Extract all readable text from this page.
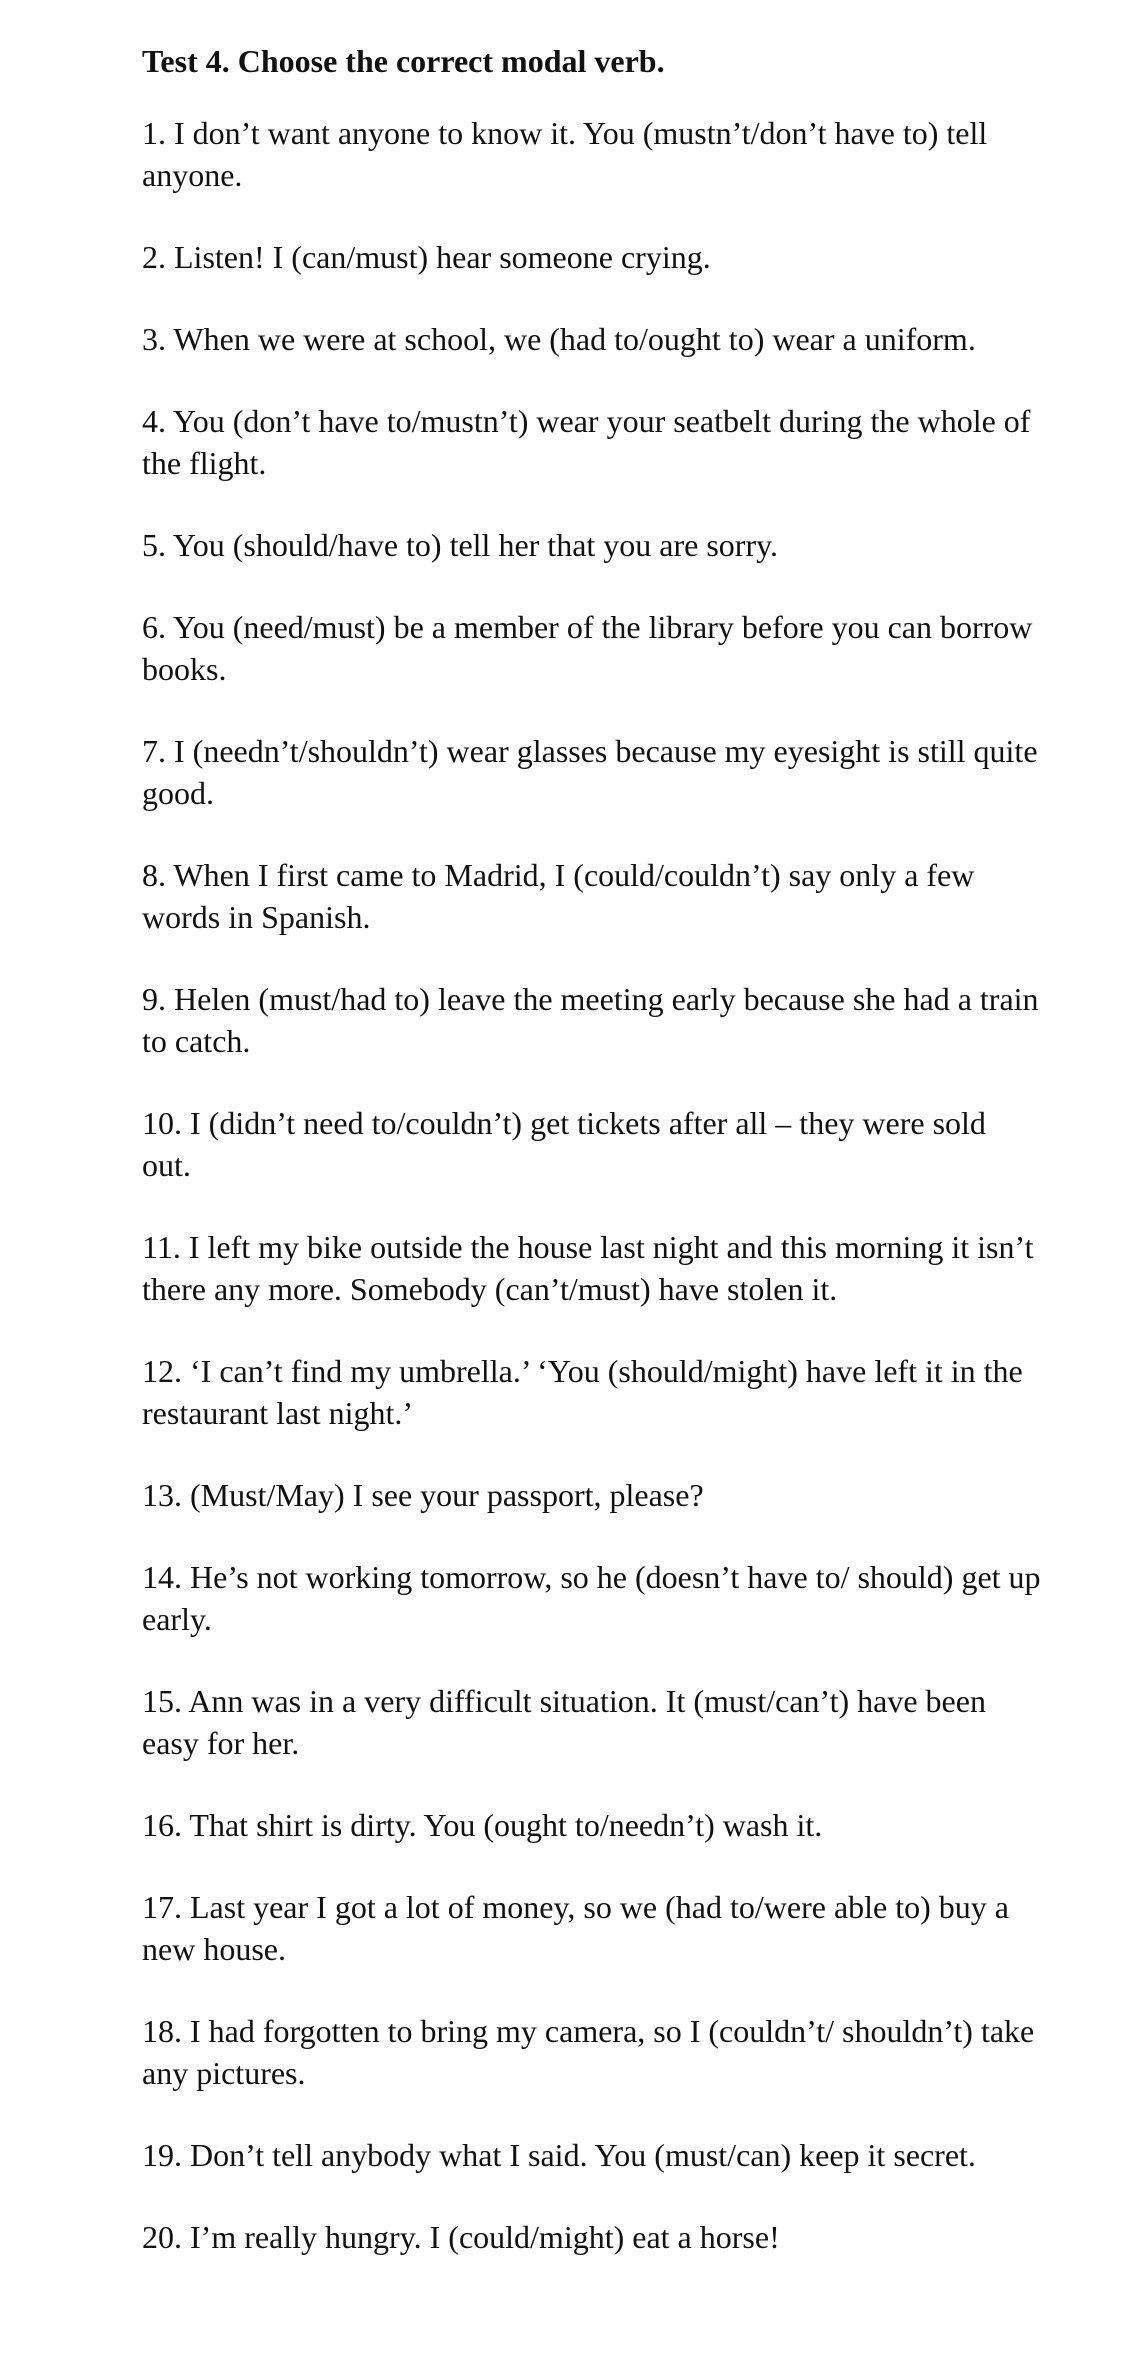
Test 4. Choose the correct modal verb.
1. I don’t want anyone to know it. You (mustn’t/don’t have to) tell anyone.
2. Listen! I (can/must) hear someone crying.
3. When we were at school, we (had to/ought to) wear a uniform.
4. You (don’t have to/mustn’t) wear your seatbelt during the whole of the flight.
5. You (should/have to) tell her that you are sorry.
6. You (need/must) be a member of the library before you can borrow books.
7. I (needn’t/shouldn’t) wear glasses because my eyesight is still quite good.
8. When I first came to Madrid, I (could/couldn’t) say only a few words in Spanish.
9. Helen (must/had to) leave the meeting early because she had a train to catch.
10. I (didn’t need to/couldn’t) get tickets after all – they were sold out.
11. I left my bike outside the house last night and this morning it isn’t there any more. Somebody (can’t/must) have stolen it.
12. ‘I can’t find my umbrella.’ ‘You (should/might) have left it in the restaurant last night.’
13. (Must/May) I see your passport, please?
14. He’s not working tomorrow, so he (doesn’t have to/ should) get up early.
15. Ann was in a very difficult situation. It (must/can’t) have been easy for her.
16. That shirt is dirty. You (ought to/needn’t) wash it.
17. Last year I got a lot of money, so we (had to/were able to) buy a new house.
18. I had forgotten to bring my camera, so I (couldn’t/ shouldn’t) take any pictures.
19. Don’t tell anybody what I said. You (must/can) keep it secret.
20. I’m really hungry. I (could/might) eat a horse!
